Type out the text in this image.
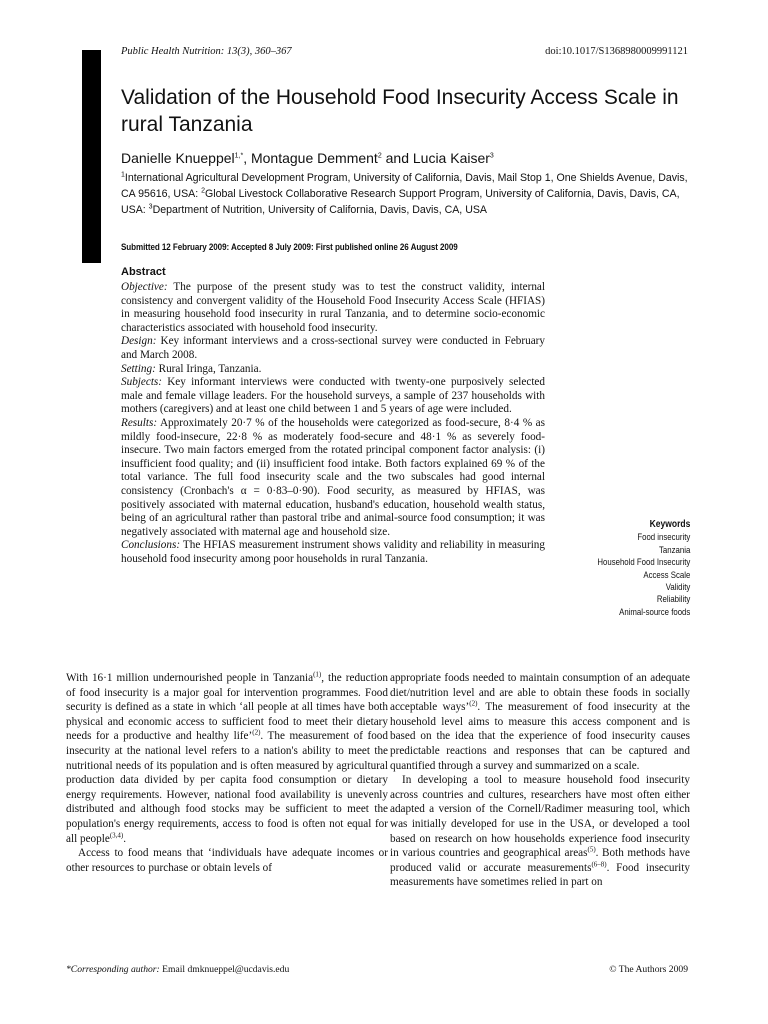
Public Health Nutrition: 13(3), 360–367	doi:10.1017/S1368980009991121
Validation of the Household Food Insecurity Access Scale in rural Tanzania
Danielle Knueppel$^{1,*}$, Montague Demment$^2$ and Lucia Kaiser$^3$
$^1$International Agricultural Development Program, University of California, Davis, Mail Stop 1, One Shields Avenue, Davis, CA 95616, USA: $^2$Global Livestock Collaborative Research Support Program, University of California, Davis, Davis, CA, USA: $^3$Department of Nutrition, University of California, Davis, Davis, CA, USA
Submitted 12 February 2009: Accepted 8 July 2009: First published online 26 August 2009
Abstract

Objective: The purpose of the present study was to test the construct validity, internal consistency and convergent validity of the Household Food Insecurity Access Scale (HFIAS) in measuring household food insecurity in rural Tanzania, and to determine socio-economic characteristics associated with household food insecurity.

Design: Key informant interviews and a cross-sectional survey were conducted in February and March 2008.

Setting: Rural Iringa, Tanzania.

Subjects: Key informant interviews were conducted with twenty-one purposively selected male and female village leaders. For the household surveys, a sample of 237 households with mothers (caregivers) and at least one child between 1 and 5 years of age were included.

Results: Approximately 20·7 % of the households were categorized as food-secure, 8·4 % as mildly food-insecure, 22·8 % as moderately food-secure and 48·1 % as severely food-insecure. Two main factors emerged from the rotated principal component factor analysis: (i) insufficient food quality; and (ii) insufficient food intake. Both factors explained 69 % of the total variance. The full food insecurity scale and the two subscales had good internal consistency (Cronbach's α = 0·83–0·90). Food security, as measured by HFIAS, was positively associated with maternal education, husband's education, household wealth status, being of an agricultural rather than pastoral tribe and animal-source food consumption; it was negatively associated with maternal age and household size.

Conclusions: The HFIAS measurement instrument shows validity and reliability in measuring household food insecurity among poor households in rural Tanzania.

Keywords
Food insecurity
Tanzania
Household Food Insecurity
Access Scale
Validity
Reliability
Animal-source foods

With 16·1 million undernourished people in Tanzania$^{(1)}$, the reduction of food insecurity is a major goal for intervention programmes. Food security is defined as a state in which ‘all people at all times have both physical and economic access to sufficient food to meet their dietary needs for a productive and healthy life’$^{(2)}$. The measurement of food insecurity at the national level refers to a nation's ability to meet the nutritional needs of its population and is often measured by agricultural production data divided by per capita food consumption or dietary energy requirements. However, national food availability is unevenly distributed and although food stocks may be sufficient to meet the population's energy requirements, access to food is often not equal for all people$^{(3,4)}$.

Access to food means that ‘individuals have adequate incomes or other resources to purchase or obtain levels of

appropriate foods needed to maintain consumption of an adequate diet/nutrition level and are able to obtain these foods in socially acceptable ways’$^{(2)}$. The measurement of food insecurity at the household level aims to measure this access component and is based on the idea that the experience of food insecurity causes predictable reactions and responses that can be captured and quantified through a survey and summarized on a scale.

In developing a tool to measure household food insecurity across countries and cultures, researchers have most often either adapted a version of the Cornell/Radimer measuring tool, which was initially developed for use in the USA, or developed a tool based on research on how households experience food insecurity in various countries and geographical areas$^{(5)}$. Both methods have produced valid or accurate measurements$^{(6-8)}$. Food insecurity measurements have sometimes relied in part on

*Corresponding author: Email dmknueppel@ucdavis.edu	© The Authors 2009
